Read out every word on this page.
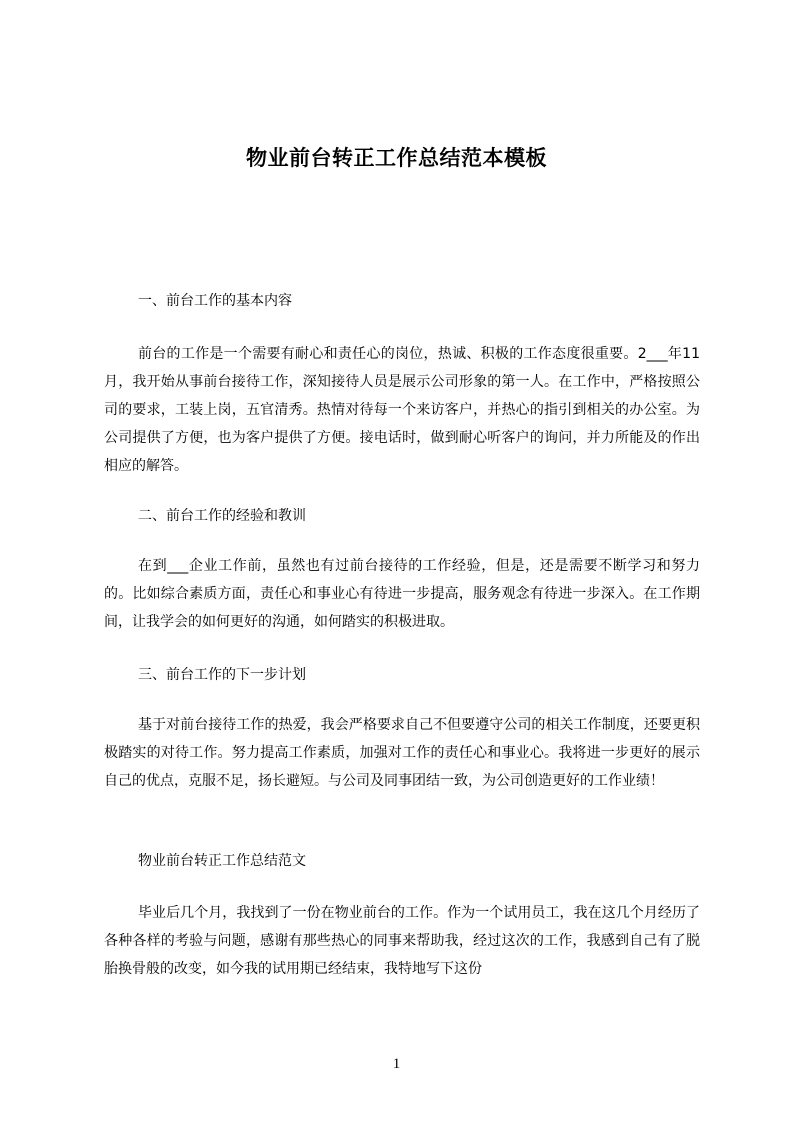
物业前台转正工作总结范本模板
一、前台工作的基本内容

前台的工作是一个需要有耐心和责任心的岗位，热诚、积极的工作态度很重要。2___年11月，我开始从事前台接待工作，深知接待人员是展示公司形象的第一人。在工作中，严格按照公司的要求，工装上岗，五官清秀。热情对待每一个来访客户，并热心的指引到相关的办公室。为公司提供了方便，也为客户提供了方便。接电话时，做到耐心听客户的询问，并力所能及的作出相应的解答。

二、前台工作的经验和教训

在到___企业工作前，虽然也有过前台接待的工作经验，但是，还是需要不断学习和努力的。比如综合素质方面，责任心和事业心有待进一步提高，服务观念有待进一步深入。在工作期间，让我学会的如何更好的沟通，如何踏实的积极进取。

三、前台工作的下一步计划

基于对前台接待工作的热爱，我会严格要求自己不但要遵守公司的相关工作制度，还要更积极踏实的对待工作。努力提高工作素质，加强对工作的责任心和事业心。我将进一步更好的展示自己的优点，克服不足，扬长避短。与公司及同事团结一致，为公司创造更好的工作业绩！

物业前台转正工作总结范文

毕业后几个月，我找到了一份在物业前台的工作。作为一个试用员工，我在这几个月经历了各种各样的考验与问题，感谢有那些热心的同事来帮助我，经过这次的工作，我感到自己有了脱胎换骨般的改变，如今我的试用期已经结束，我特地写下这份

1
